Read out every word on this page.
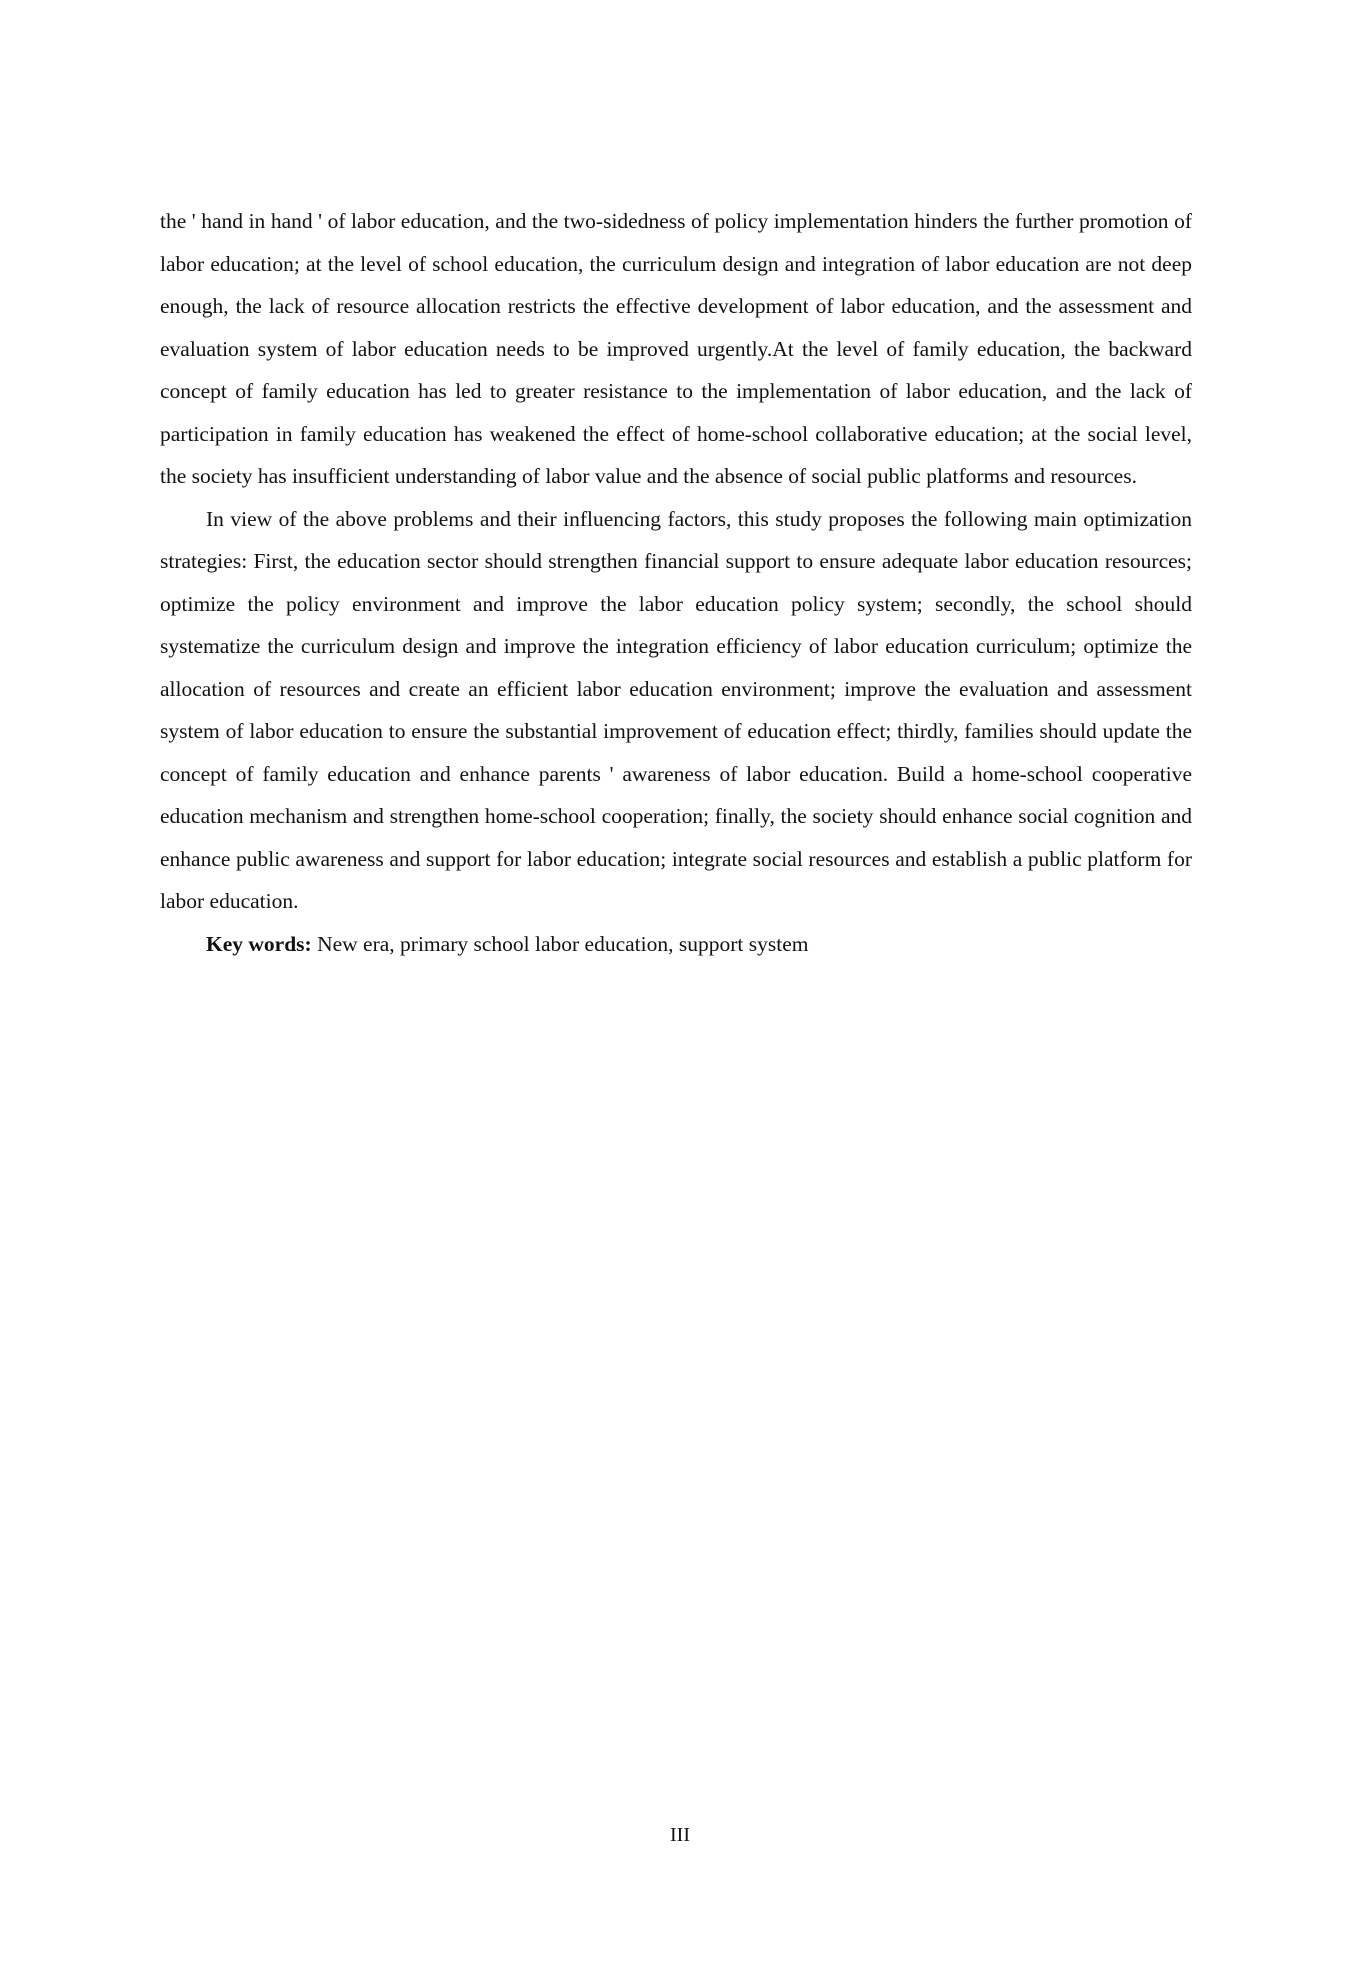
the ' hand in hand ' of labor education, and the two-sidedness of policy implementation hinders the further promotion of labor education; at the level of school education, the curriculum design and integration of labor education are not deep enough, the lack of resource allocation restricts the effective development of labor education, and the assessment and evaluation system of labor education needs to be improved urgently.At the level of family education, the backward concept of family education has led to greater resistance to the implementation of labor education, and the lack of participation in family education has weakened the effect of home-school collaborative education; at the social level, the society has insufficient understanding of labor value and the absence of social public platforms and resources.

In view of the above problems and their influencing factors, this study proposes the following main optimization strategies: First, the education sector should strengthen financial support to ensure adequate labor education resources; optimize the policy environment and improve the labor education policy system; secondly, the school should systematize the curriculum design and improve the integration efficiency of labor education curriculum; optimize the allocation of resources and create an efficient labor education environment; improve the evaluation and assessment system of labor education to ensure the substantial improvement of education effect; thirdly, families should update the concept of family education and enhance parents ' awareness of labor education. Build a home-school cooperative education mechanism and strengthen home-school cooperation; finally, the society should enhance social cognition and enhance public awareness and support for labor education; integrate social resources and establish a public platform for labor education.

Key words: New era, primary school labor education, support system

III
